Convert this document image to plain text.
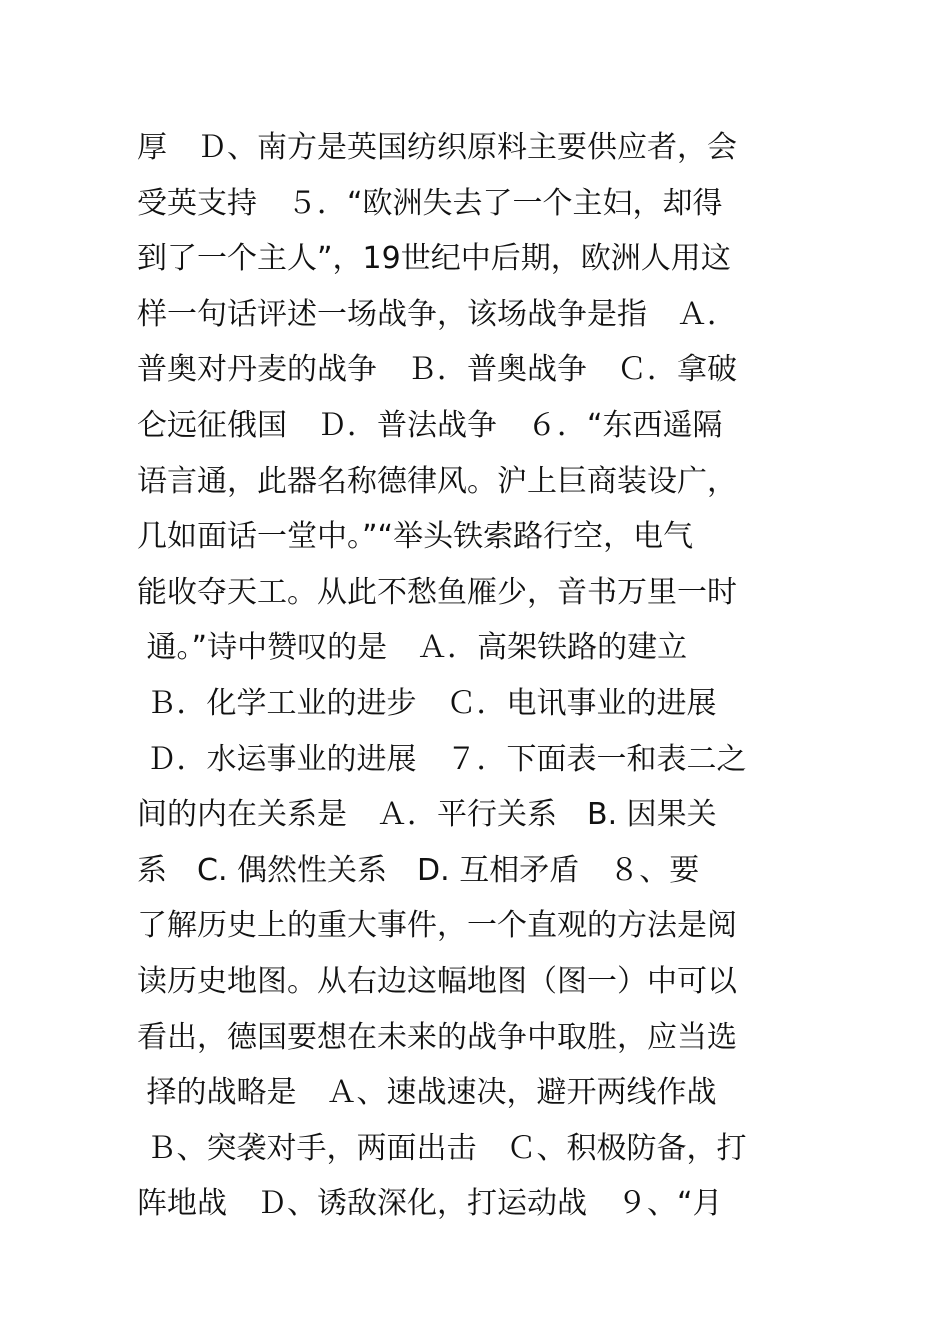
厚　Ｄ、南方是英国纺织原料主要供应者，会
受英支持　５．“欧洲失去了一个主妇，却得
到了一个主人”，19世纪中后期，欧洲人用这
样一句话评述一场战争，该场战争是指　Ａ．
普奥对丹麦的战争　Ｂ．普奥战争　Ｃ．拿破
仑远征俄国　Ｄ．普法战争　６．“东西遥隔
语言通，此器名称德律风。沪上巨商装设广，
几如面话一堂中。”“举头铁索路行空，电气
能收夺天工。从此不愁鱼雁少，音书万里一时
通。”诗中赞叹的是　Ａ．高架铁路的建立
Ｂ．化学工业的进步　Ｃ．电讯事业的进展
Ｄ．水运事业的进展　７．下面表一和表二之
间的内在关系是　Ａ．平行关系　B. 因果关
系　C. 偶然性关系　D. 互相矛盾　８、要
了解历史上的重大事件，一个直观的方法是阅
读历史地图。从右边这幅地图（图一）中可以
看出，德国要想在未来的战争中取胜，应当选
择的战略是　Ａ、速战速决，避开两线作战
Ｂ、突袭对手，两面出击　Ｃ、积极防备，打
阵地战　Ｄ、诱敌深化，打运动战　９、“月
